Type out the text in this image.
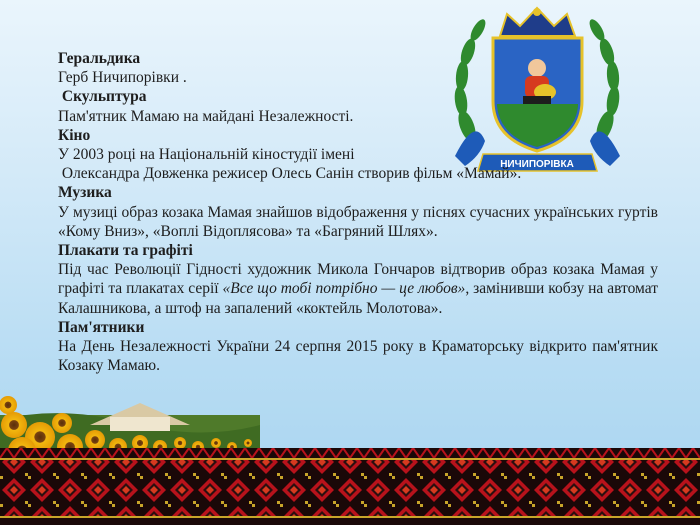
НИЧИПОРІВКА
Геральдика
Герб Ничипорівки .
Скульптура
Пам'ятник Мамаю на майдані Незалежності.
Кіно
У 2003 році на Національній кіностудії імені
Олександра Довженка режисер Олесь Санін створив фільм «Мамай».
Музика
У музиці образ козака Мамая знайшов відображення у піснях сучасних українських гуртів «Кому Вниз», «Воплі Відоплясова» та «Багряний Шлях».
Плакати та графіті
Під час Революції Гідності художник Микола Гончаров відтворив образ козака Мамая у графіті та плакатах серії «Все що тобі потрібно — це любов», замінивши кобзу на автомат Калашникова, а штоф на запалений «коктейль Молотова».
Пам'ятники
На День Незалежності України 24 серпня 2015 року в Краматорську відкрито пам'ятник Козаку Мамаю.
